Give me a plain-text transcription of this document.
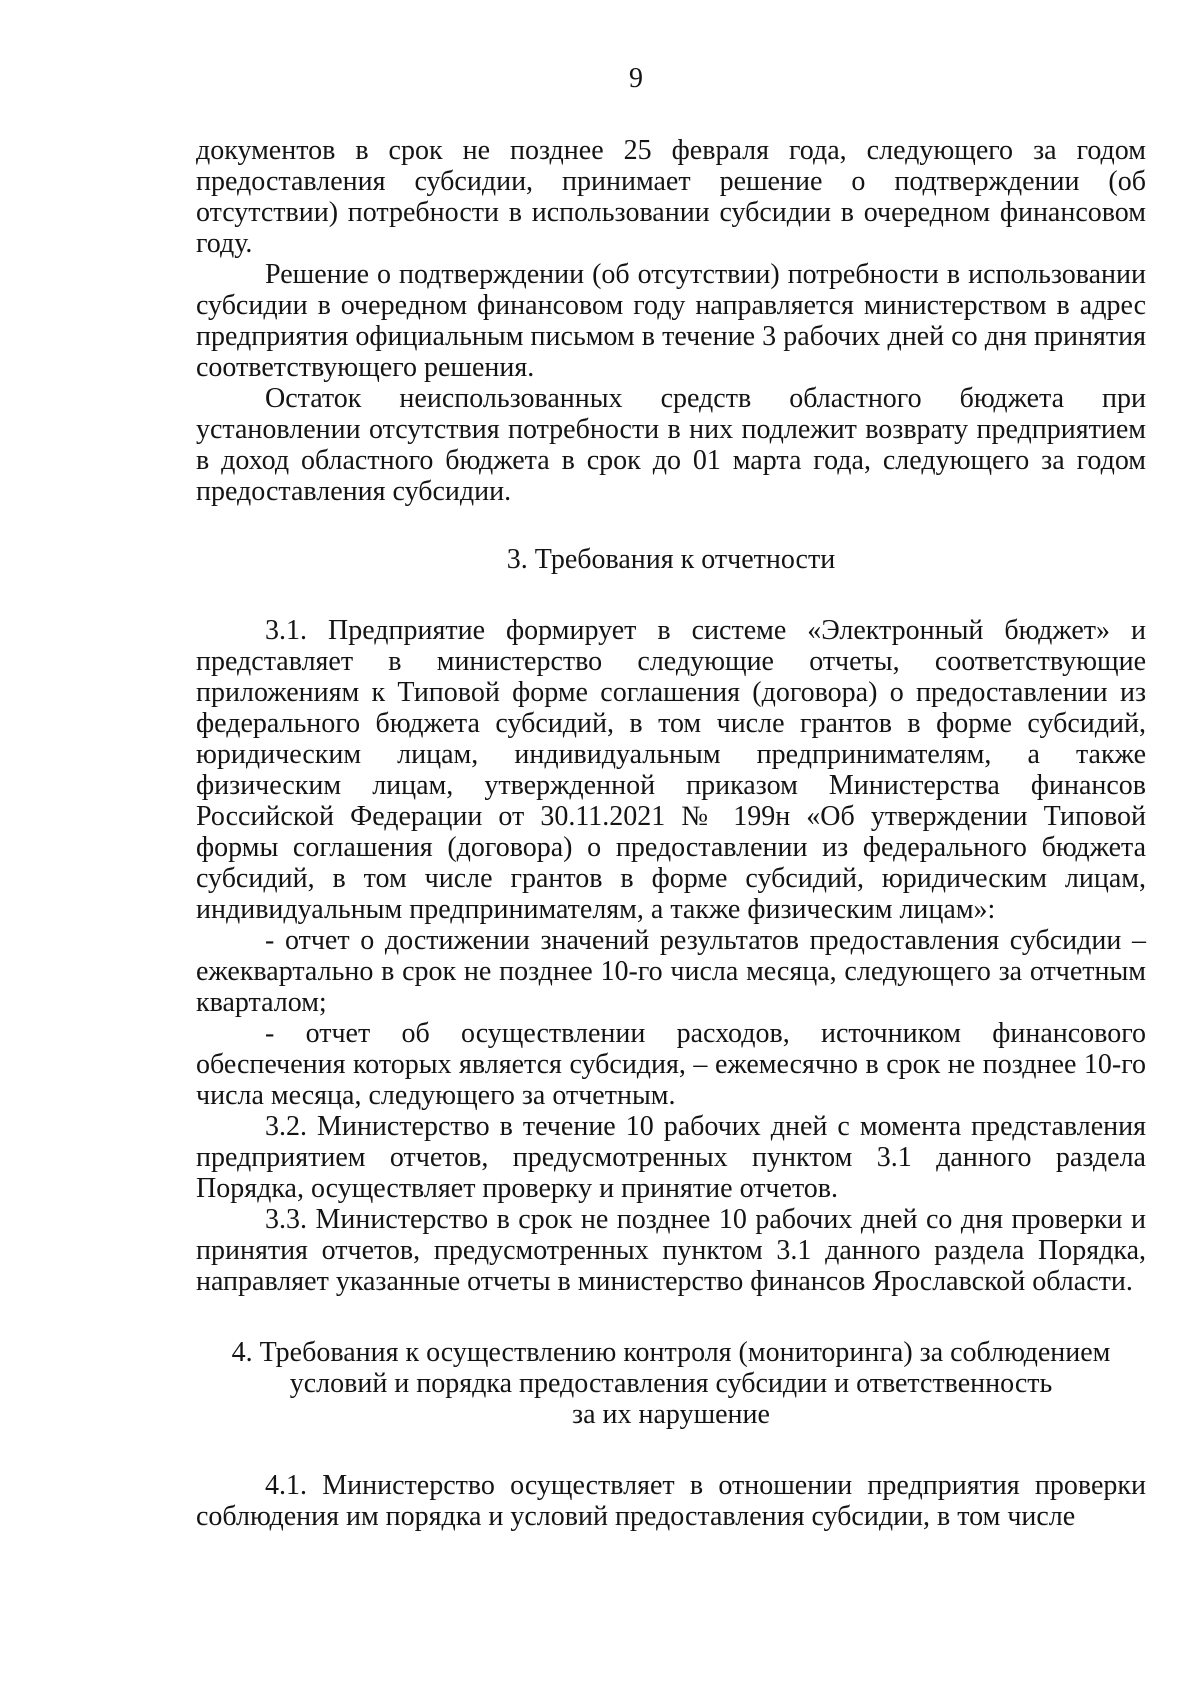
9

документов в срок не позднее 25 февраля года, следующего за годом предоставления субсидии, принимает решение о подтверждении (об отсутствии) потребности в использовании субсидии в очередном финансовом году.

Решение о подтверждении (об отсутствии) потребности в использовании субсидии в очередном финансовом году направляется министерством в адрес предприятия официальным письмом в течение 3 рабочих дней со дня принятия соответствующего решения.

Остаток неиспользованных средств областного бюджета при установлении отсутствия потребности в них подлежит возврату предприятием в доход областного бюджета в срок до 01 марта года, следующего за годом предоставления субсидии.

3. Требования к отчетности

3.1. Предприятие формирует в системе «Электронный бюджет» и представляет в министерство следующие отчеты, соответствующие приложениям к Типовой форме соглашения (договора) о предоставлении из федерального бюджета субсидий, в том числе грантов в форме субсидий, юридическим лицам, индивидуальным предпринимателям, а также физическим лицам, утвержденной приказом Министерства финансов Российской Федерации от 30.11.2021 № 199н «Об утверждении Типовой формы соглашения (договора) о предоставлении из федерального бюджета субсидий, в том числе грантов в форме субсидий, юридическим лицам, индивидуальным предпринимателям, а также физическим лицам»:

- отчет о достижении значений результатов предоставления субсидии – ежеквартально в срок не позднее 10-го числа месяца, следующего за отчетным кварталом;

- отчет об осуществлении расходов, источником финансового обеспечения которых является субсидия, – ежемесячно в срок не позднее 10-го числа месяца, следующего за отчетным.

3.2. Министерство в течение 10 рабочих дней с момента представления предприятием отчетов, предусмотренных пунктом 3.1 данного раздела Порядка, осуществляет проверку и принятие отчетов.

3.3. Министерство в срок не позднее 10 рабочих дней со дня проверки и принятия отчетов, предусмотренных пунктом 3.1 данного раздела Порядка, направляет указанные отчеты в министерство финансов Ярославской области.

4. Требования к осуществлению контроля (мониторинга) за соблюдением
условий и порядка предоставления субсидии и ответственность
за их нарушение

4.1. Министерство осуществляет в отношении предприятия проверки соблюдения им порядка и условий предоставления субсидии, в том числе
